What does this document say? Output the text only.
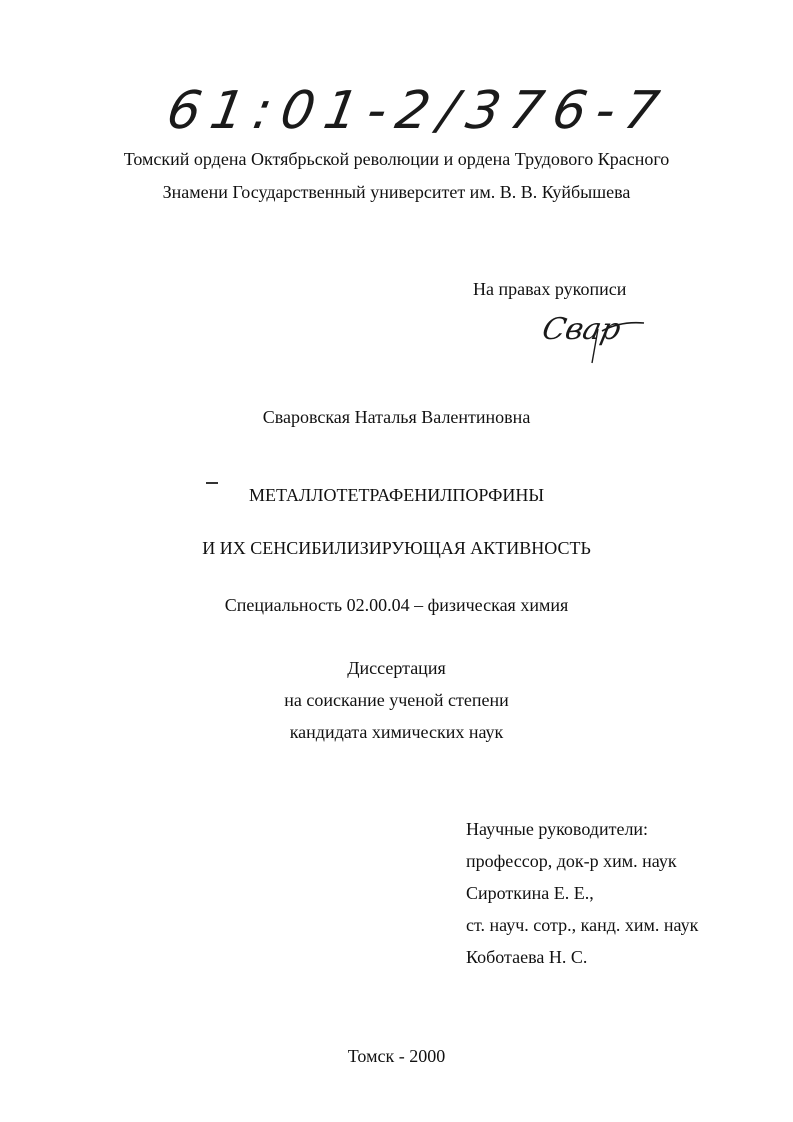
61:01-2/376-7
Томский ордена Октябрьской революции и ордена Трудового Красного
Знамени Государственный университет им. В. В. Куйбышева
На правах рукописи
Свар
Сваровская Наталья Валентиновна
МЕТАЛЛОТЕТРАФЕНИЛПОРФИНЫ
И ИХ СЕНСИБИЛИЗИРУЮЩАЯ АКТИВНОСТЬ
Специальность 02.00.04 – физическая химия
Диссертация
на соискание ученой степени
кандидата химических наук
Научные руководители:
профессор, док-р хим. наук
Сироткина Е. Е.,
ст. науч. сотр., канд. хим. наук
Коботаева Н. С.
Томск - 2000
